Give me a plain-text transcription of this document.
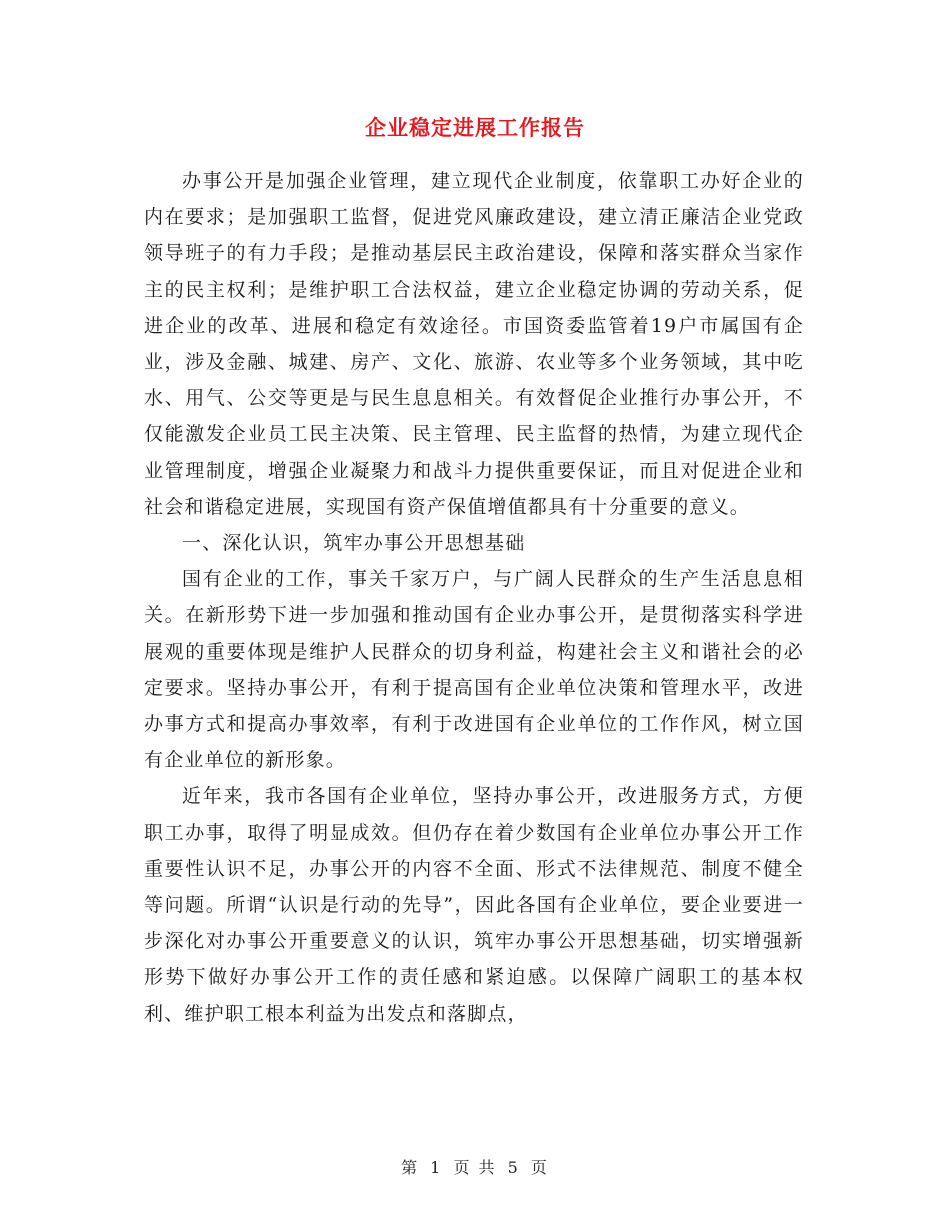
企业稳定进展工作报告

办事公开是加强企业管理，建立现代企业制度，依靠职工办好企业的内在要求；是加强职工监督，促进党风廉政建设，建立清正廉洁企业党政领导班子的有力手段；是推动基层民主政治建设，保障和落实群众当家作主的民主权利；是维护职工合法权益，建立企业稳定协调的劳动关系，促进企业的改革、进展和稳定有效途径。市国资委监管着19户市属国有企业，涉及金融、城建、房产、文化、旅游、农业等多个业务领域，其中吃水、用气、公交等更是与民生息息相关。有效督促企业推行办事公开，不仅能激发企业员工民主决策、民主管理、民主监督的热情，为建立现代企业管理制度，增强企业凝聚力和战斗力提供重要保证，而且对促进企业和社会和谐稳定进展，实现国有资产保值增值都具有十分重要的意义。

一、深化认识，筑牢办事公开思想基础

国有企业的工作，事关千家万户，与广阔人民群众的生产生活息息相关。在新形势下进一步加强和推动国有企业办事公开，是贯彻落实科学进展观的重要体现是维护人民群众的切身利益，构建社会主义和谐社会的必定要求。坚持办事公开，有利于提高国有企业单位决策和管理水平，改进办事方式和提高办事效率，有利于改进国有企业单位的工作作风，树立国有企业单位的新形象。

近年来，我市各国有企业单位，坚持办事公开，改进服务方式，方便职工办事，取得了明显成效。但仍存在着少数国有企业单位办事公开工作重要性认识不足，办事公开的内容不全面、形式不法律规范、制度不健全等问题。所谓“认识是行动的先导”，因此各国有企业单位，要企业要进一步深化对办事公开重要意义的认识，筑牢办事公开思想基础，切实增强新形势下做好办事公开工作的责任感和紧迫感。以保障广阔职工的基本权利、维护职工根本利益为出发点和落脚点，

第 1 页 共 5 页
